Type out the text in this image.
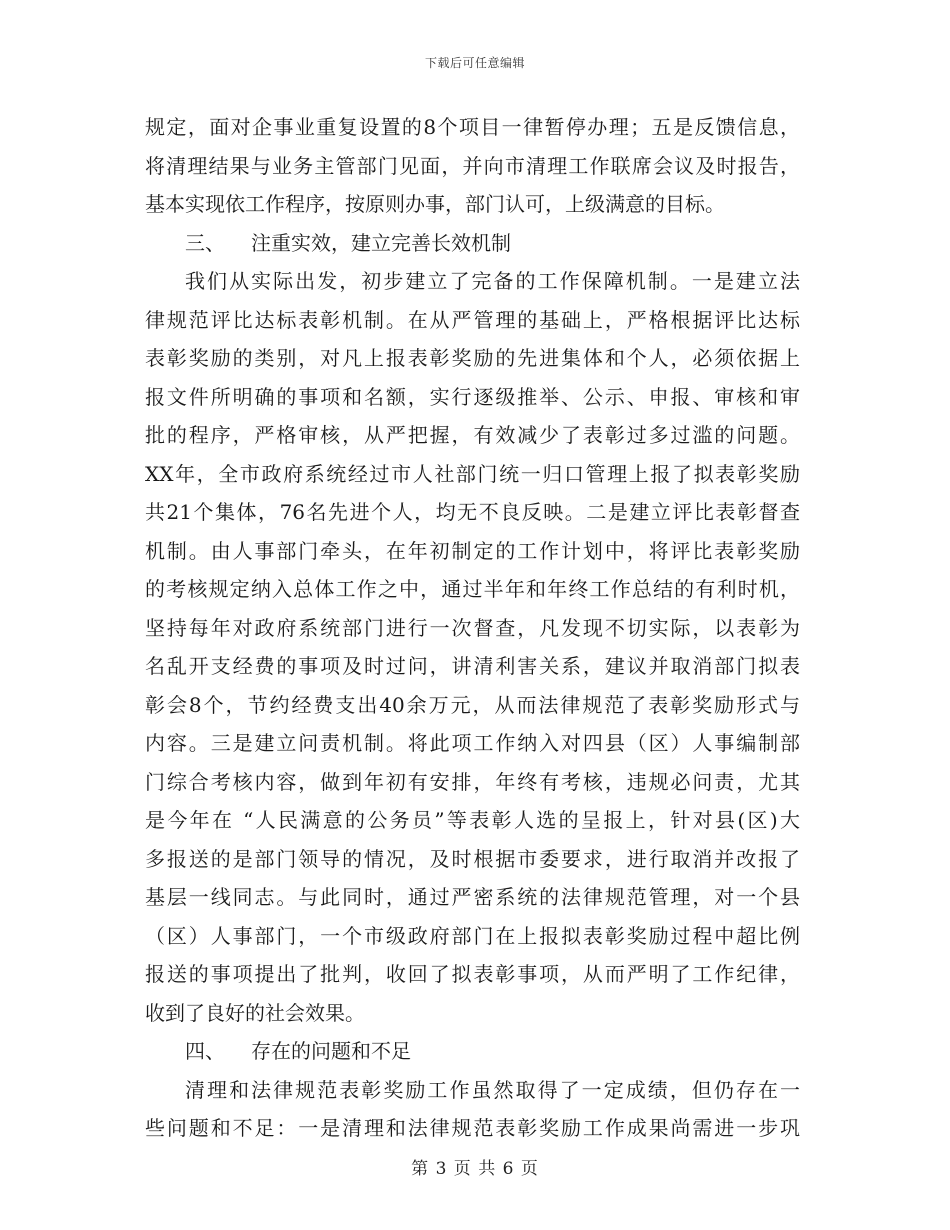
下载后可任意编辑
规定，面对企事业重复设置的8个项目一律暂停办理；五是反馈信息，
将清理结果与业务主管部门见面，并向市清理工作联席会议及时报告，
基本实现依工作程序，按原则办事，部门认可，上级满意的目标。
三、 注重实效，建立完善长效机制
我们从实际出发，初步建立了完备的工作保障机制。一是建立法
律规范评比达标表彰机制。在从严管理的基础上，严格根据评比达标
表彰奖励的类别，对凡上报表彰奖励的先进集体和个人，必须依据上
报文件所明确的事项和名额，实行逐级推举、公示、申报、审核和审
批的程序，严格审核，从严把握，有效减少了表彰过多过滥的问题。
XX年，全市政府系统经过市人社部门统一归口管理上报了拟表彰奖励
共21个集体，76名先进个人，均无不良反映。二是建立评比表彰督查
机制。由人事部门牵头，在年初制定的工作计划中，将评比表彰奖励
的考核规定纳入总体工作之中，通过半年和年终工作总结的有利时机，
坚持每年对政府系统部门进行一次督查，凡发现不切实际，以表彰为
名乱开支经费的事项及时过问，讲清利害关系，建议并取消部门拟表
彰会8个，节约经费支出40余万元，从而法律规范了表彰奖励形式与
内容。三是建立问责机制。将此项工作纳入对四县（区）人事编制部
门综合考核内容，做到年初有安排，年终有考核，违规必问责，尤其
是今年在 “人民满意的公务员”等表彰人选的呈报上，针对县(区)大
多报送的是部门领导的情况，及时根据市委要求，进行取消并改报了
基层一线同志。与此同时，通过严密系统的法律规范管理，对一个县
（区）人事部门，一个市级政府部门在上报拟表彰奖励过程中超比例
报送的事项提出了批判，收回了拟表彰事项，从而严明了工作纪律，
收到了良好的社会效果。
四、 存在的问题和不足
清理和法律规范表彰奖励工作虽然取得了一定成绩，但仍存在一
些问题和不足：一是清理和法律规范表彰奖励工作成果尚需进一步巩
第 3 页 共 6 页
